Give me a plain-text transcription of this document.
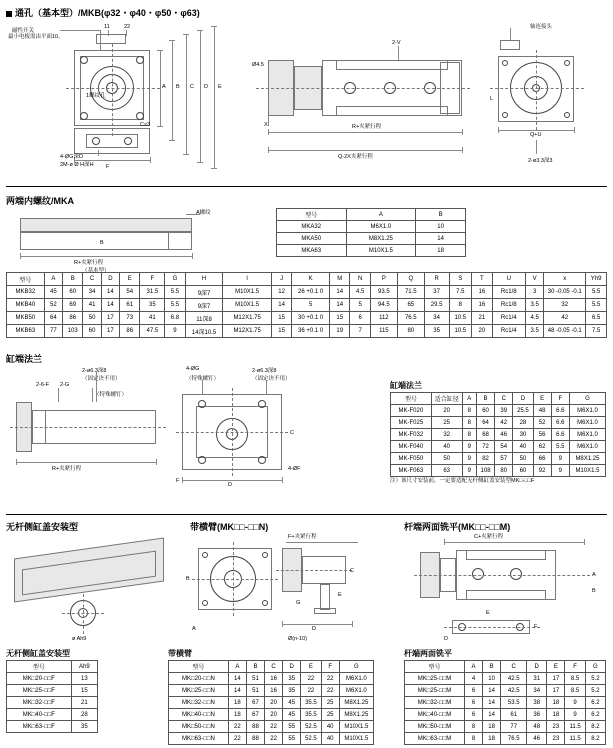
通孔（基本型）/MKB(φ32・φ40・φ50・φ63)
磁性开关
最小电板需由平面10。
轴连接头
11	22
A B C D E
F
1螺纹孔
4-ØG深D
2M-ø Ø H深H
C≤3
2-V
Ø4.5
R+夹紧行程
Q-2X夹紧行程
X
L
Q+U
2-ø3.3深3
两端内螺纹/MKA
A螺纹
R+夹紧行程
（基本型）
B
型号	A	B
MKA32	M6X1.0	10
MKA50	M8X1.25	14
MKA63	M10X1.5	18
型号	A	B	C	D	E	F	G	H	I	J	K	M	N	P	Q	R	S	T	U	V	x	Yh9
MKB32	45	60	34	14	54	31.5	5.5	9深7	M10X1.5	12	26 +0.1 0	14	4.5	93.5	71.5	37	7.5	16	Rc1/8	3	30 -0.05 -0.1	5.5
MKB40	52	69	41	14	61	35	5.5	9深7	M10X1.5	14	5	14	5	94.5	65	29.5	8	16	Rc1/8	3.5	32	5.5
MKB50	64	86	50	17	73	41	6.8	11深8	M12X1.75	15	30 +0.1 0	15	6	112	76.5	34	10.5	21	Rc1/4	4.5	42	6.5
MKB63	77	103	60	17	86	47.5	9	14深10.5	M12X1.75	15	36 +0.1 0	19	7	115	80	35	10.5	20	Rc1/4	3.5	48 -0.05 -0.1	7.5
缸端法兰
2-ø6.3深8
（固定诀不用）
2-G
（特殊螺钉）
2-6-F
R+夹紧行程
4-ØG
（特殊螺钉）
2-ø6.3深8
（固定诀不用）
D
C
F
4-ØF
缸端法兰
型号	适合缸径	A	B	C	D	E	F	G
MK-F020	20	8	60	39	25.5	48	6.6	M6X1.0
MK-F025	25	8	64	42	28	52	6.6	M6X1.0
MK-F032	32	8	68	46	30	56	6.6	M6X1.0
MK-F040	40	9	72	54	40	62	5.5	M6X1.0
MK-F050	50	9	82	57	50	66	9	M8X1.25
MK-F063	63	9	108	80	60	92	9	M10X1.5
注）该尺寸安装前，一定要适配无杆侧缸盖安装型MK□-□□F
无杆侧缸盖安装型
ø Ah9
无杆侧缸盖安装型
型号	Ah9
MK□20-□□F	13
MK□25-□□F	15
MK□32-□□F	21
MK□40-□□F	28
MK□63-□□F	35
带横臂(MK□□-□□N)
F+夹紧行程
B
C
E
G
D
Ø(n-10)
A
带横臂
型号	A	B	C	D	E	F	G
MK□20-□□N	14	51	16	35	22	22	M6X1.0
MK□25-□□N	14	51	16	35	22	22	M6X1.0
MK□32-□□N	18	67	20	45	35.5	25	M8X1.25
MK□40-□□N	18	67	20	45	35.5	25	M8X1.25
MK□50-□□N	22	88	22	55	52.5	40	M10X1.5
MK□63-□□N	22	88	22	55	52.5	40	M10X1.5
杆端两面铣平(MK□□-□□M)
C+夹紧行程
E
F
D
A
B
杆端两面铣平
型号	A	B	C	D	E	F	G
MK□25-□□M	4	10	42.5	31	17	8.5	5.2
MK□25-□□M	6	14	42.5	34	17	8.5	5.2
MK□32-□□M	6	14	53.5	38	18	9	6.2
MK□40-□□M	6	14	61	36	18	9	6.2
MK□50-□□M	8	18	77	48	23	11.5	8.2
MK□63-□□M	8	18	76.5	46	23	11.5	8.2
